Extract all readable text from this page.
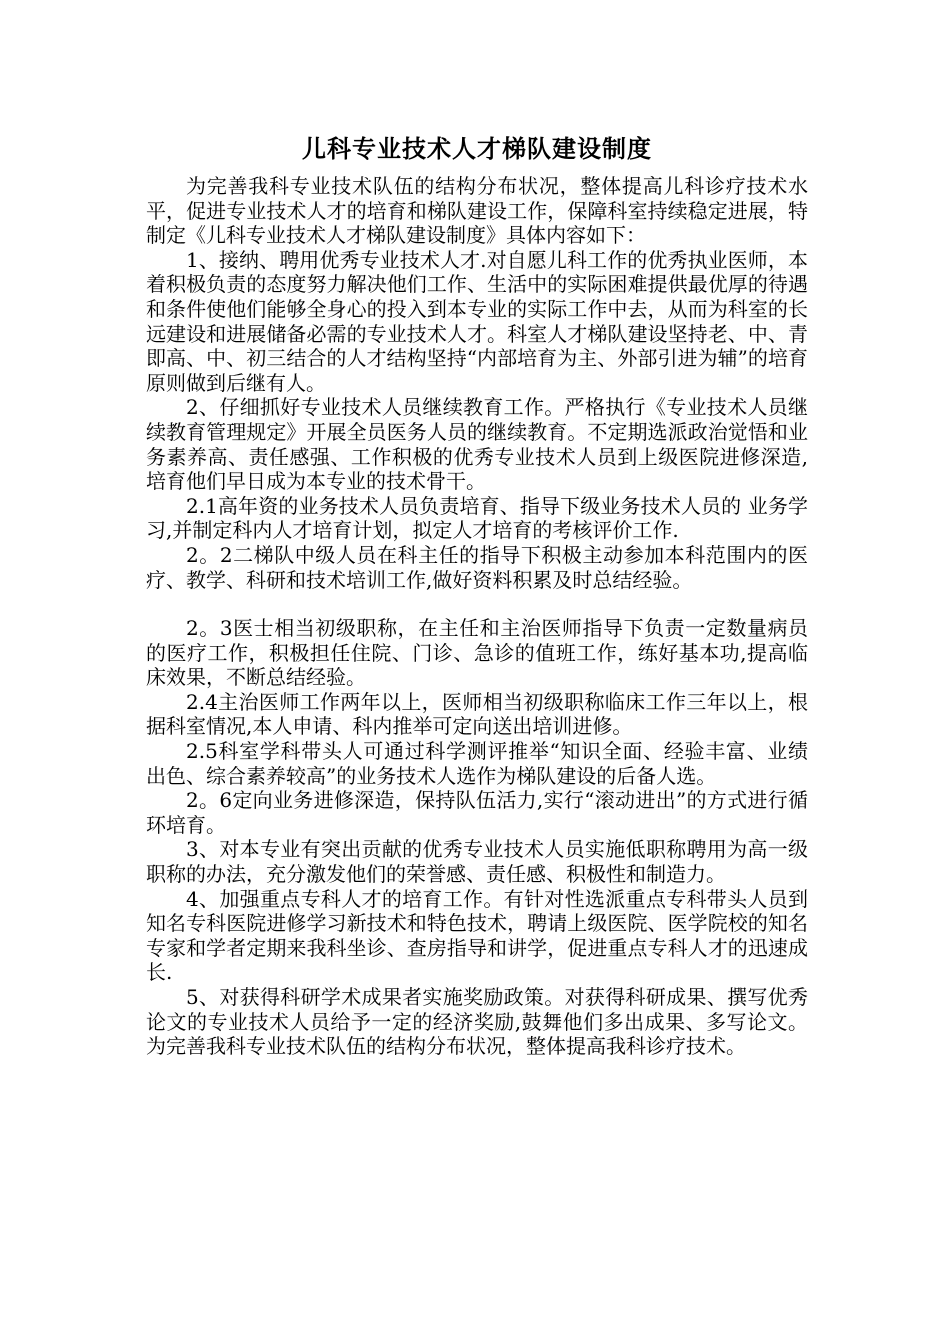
儿科专业技术人才梯队建设制度

为完善我科专业技术队伍的结构分布状况，整体提高儿科诊疗技术水平，促进专业技术人才的培育和梯队建设工作，保障科室持续稳定进展，特制定《儿科专业技术人才梯队建设制度》具体内容如下：

1、接纳、聘用优秀专业技术人才.对自愿儿科工作的优秀执业医师，本着积极负责的态度努力解决他们工作、生活中的实际困难提供最优厚的待遇和条件使他们能够全身心的投入到本专业的实际工作中去，从而为科室的长远建设和进展储备必需的专业技术人才。科室人才梯队建设坚持老、中、青即高、中、初三结合的人才结构坚持“内部培育为主、外部引进为辅”的培育原则做到后继有人。

2、仔细抓好专业技术人员继续教育工作。严格执行《专业技术人员继续教育管理规定》开展全员医务人员的继续教育。不定期选派政治觉悟和业务素养高、责任感强、工作积极的优秀专业技术人员到上级医院进修深造,培育他们早日成为本专业的技术骨干。

2.1高年资的业务技术人员负责培育、指导下级业务技术人员的 业务学习,并制定科内人才培育计划，拟定人才培育的考核评价工作.

2。2二梯队中级人员在科主任的指导下积极主动参加本科范围内的医疗、教学、科研和技术培训工作,做好资料积累及时总结经验。

2。3医士相当初级职称，在主任和主治医师指导下负责一定数量病员的医疗工作，积极担任住院、门诊、急诊的值班工作，练好基本功,提高临床效果，不断总结经验。

2.4主治医师工作两年以上，医师相当初级职称临床工作三年以上，根据科室情况,本人申请、科内推举可定向送出培训进修。

2.5科室学科带头人可通过科学测评推举“知识全面、经验丰富、业绩出色、综合素养较高”的业务技术人选作为梯队建设的后备人选。

2。6定向业务进修深造，保持队伍活力,实行“滚动进出”的方式进行循环培育。

3、对本专业有突出贡献的优秀专业技术人员实施低职称聘用为高一级职称的办法，充分激发他们的荣誉感、责任感、积极性和制造力。

4、加强重点专科人才的培育工作。有针对性选派重点专科带头人员到知名专科医院进修学习新技术和特色技术，聘请上级医院、医学院校的知名专家和学者定期来我科坐诊、查房指导和讲学，促进重点专科人才的迅速成长.

5、对获得科研学术成果者实施奖励政策。对获得科研成果、撰写优秀论文的专业技术人员给予一定的经济奖励,鼓舞他们多出成果、多写论文。为完善我科专业技术队伍的结构分布状况，整体提高我科诊疗技术。
